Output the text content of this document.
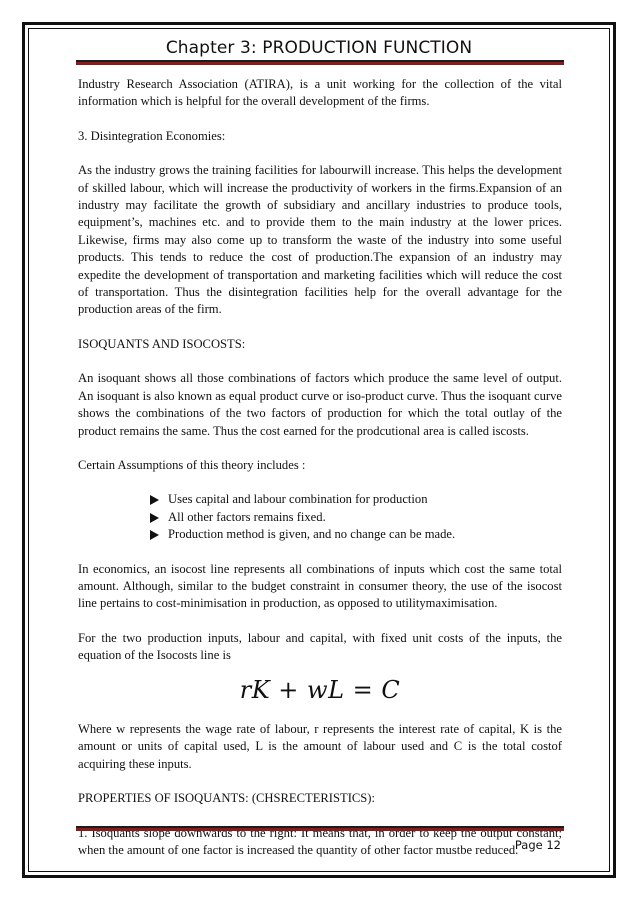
Chapter 3: PRODUCTION FUNCTION

Industry Research Association (ATIRA), is a unit working for the collection of the vital information which is helpful for the overall development of the firms.

3. Disintegration Economies:

As the industry grows the training facilities for labourwill increase. This helps the development of skilled labour, which will increase the productivity of workers in the firms.Expansion of an industry may facilitate the growth of subsidiary and ancillary industries to produce tools, equipment’s, machines etc. and to provide them to the main industry at the lower prices. Likewise, firms may also come up to transform the waste of the industry into some useful products. This tends to reduce the cost of production.The expansion of an industry may expedite the development of transportation and marketing facilities which will reduce the cost of transportation. Thus the disintegration facilities help for the overall advantage for the production areas of the firm.

ISOQUANTS AND ISOCOSTS:

An isoquant shows all those combinations of factors which produce the same level of output. An isoquant is also known as equal product curve or iso-product curve. Thus the isoquant curve shows the combinations of the two factors of production for which the total outlay of the product remains the same. Thus the cost earned for the prodcutional area is called iscosts.

Certain Assumptions of this theory includes :

Uses capital and labour combination for production
All other factors remains fixed.
Production method is given, and no change can be made.

In economics, an isocost line represents all combinations of inputs which cost the same total amount. Although, similar to the budget constraint in consumer theory, the use of the isocost line pertains to cost-minimisation in production, as opposed to utilitymaximisation.

For the two production inputs, labour and capital, with fixed unit costs of the inputs, the equation of the Isocosts line is

rK + wL = C

Where w represents the wage rate of labour, r represents the interest rate of capital, K is the amount or units of capital used, L is the amount of labour used and C is the total costof acquiring these inputs.

PROPERTIES OF ISOQUANTS: (CHSRECTERISTICS):

1. Isoquants slope downwards to the right: It means that, in order to keep the output constant; when the amount of one factor is increased the quantity of other factor mustbe reduced.

Page 12
